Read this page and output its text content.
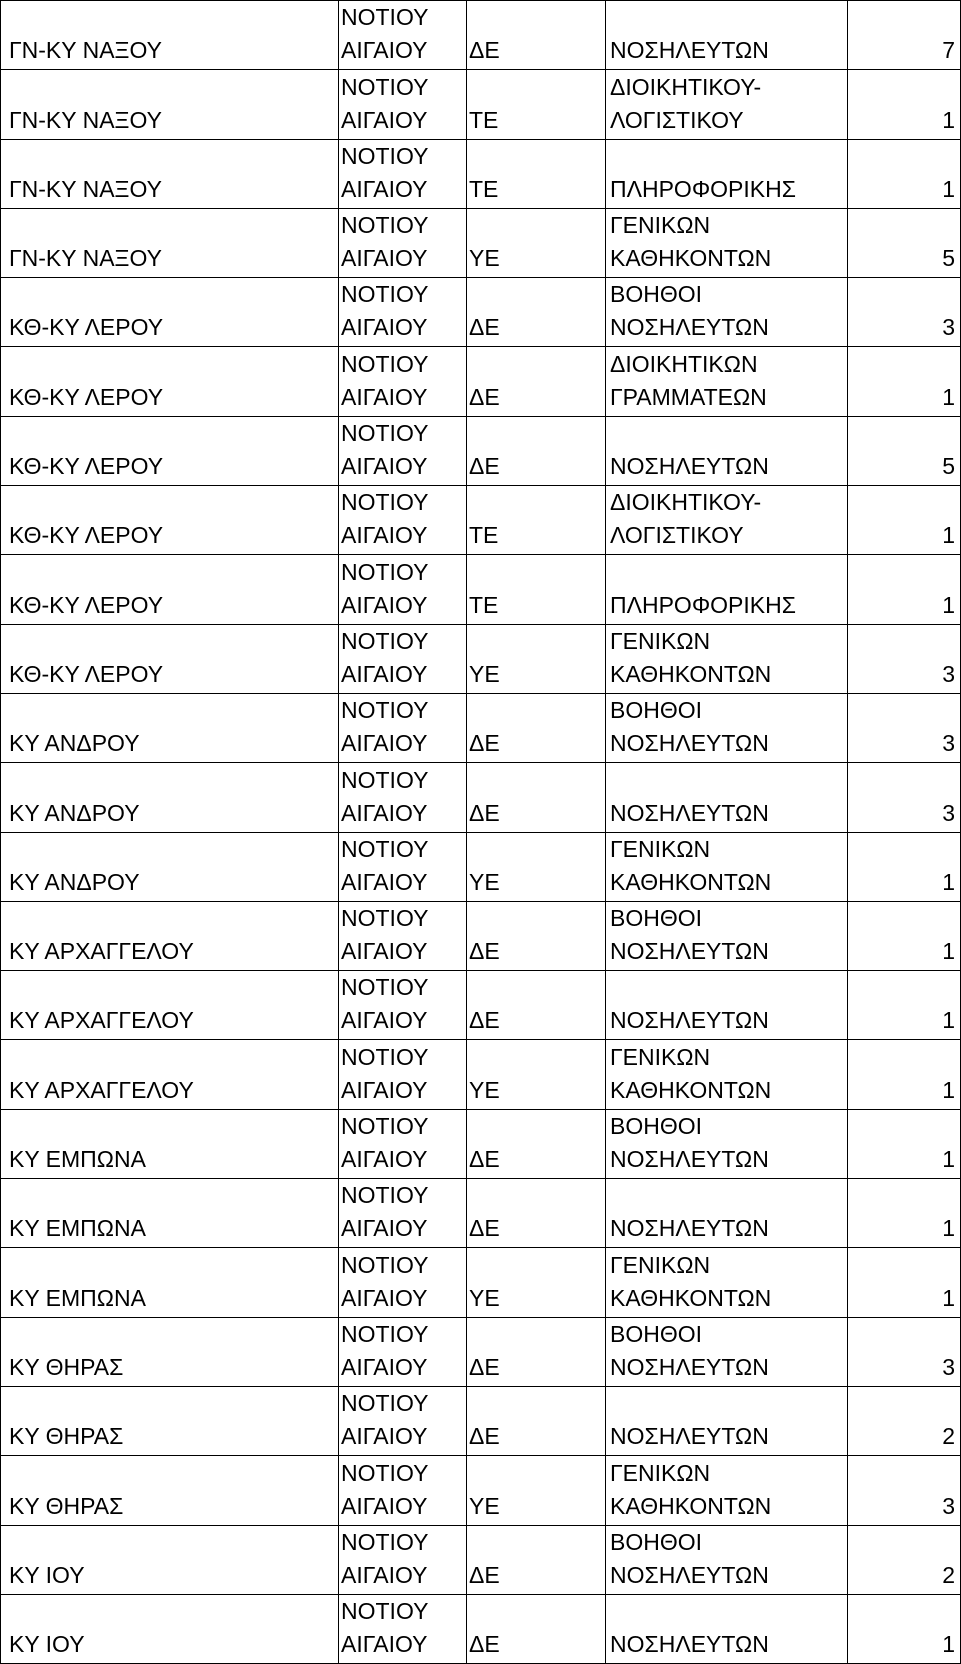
ΓΝ-ΚΥ ΝΑΞΟΥ	ΝΟΤΙΟΥ
ΑΙΓΑΙΟΥ	ΔΕ	ΝΟΣΗΛΕΥΤΩΝ	7
ΓΝ-ΚΥ ΝΑΞΟΥ	ΝΟΤΙΟΥ
ΑΙΓΑΙΟΥ	ΤΕ	ΔΙΟΙΚΗΤΙΚΟΥ-
ΛΟΓΙΣΤΙΚΟΥ	1
ΓΝ-ΚΥ ΝΑΞΟΥ	ΝΟΤΙΟΥ
ΑΙΓΑΙΟΥ	ΤΕ	ΠΛΗΡΟΦΟΡΙΚΗΣ	1
ΓΝ-ΚΥ ΝΑΞΟΥ	ΝΟΤΙΟΥ
ΑΙΓΑΙΟΥ	ΥΕ	ΓΕΝΙΚΩΝ
ΚΑΘΗΚΟΝΤΩΝ	5
ΚΘ-ΚΥ ΛΕΡΟΥ	ΝΟΤΙΟΥ
ΑΙΓΑΙΟΥ	ΔΕ	ΒΟΗΘΟΙ
ΝΟΣΗΛΕΥΤΩΝ	3
ΚΘ-ΚΥ ΛΕΡΟΥ	ΝΟΤΙΟΥ
ΑΙΓΑΙΟΥ	ΔΕ	ΔΙΟΙΚΗΤΙΚΩΝ
ΓΡΑΜΜΑΤΕΩΝ	1
ΚΘ-ΚΥ ΛΕΡΟΥ	ΝΟΤΙΟΥ
ΑΙΓΑΙΟΥ	ΔΕ	ΝΟΣΗΛΕΥΤΩΝ	5
ΚΘ-ΚΥ ΛΕΡΟΥ	ΝΟΤΙΟΥ
ΑΙΓΑΙΟΥ	ΤΕ	ΔΙΟΙΚΗΤΙΚΟΥ-
ΛΟΓΙΣΤΙΚΟΥ	1
ΚΘ-ΚΥ ΛΕΡΟΥ	ΝΟΤΙΟΥ
ΑΙΓΑΙΟΥ	ΤΕ	ΠΛΗΡΟΦΟΡΙΚΗΣ	1
ΚΘ-ΚΥ ΛΕΡΟΥ	ΝΟΤΙΟΥ
ΑΙΓΑΙΟΥ	ΥΕ	ΓΕΝΙΚΩΝ
ΚΑΘΗΚΟΝΤΩΝ	3
ΚΥ ΑΝΔΡΟΥ	ΝΟΤΙΟΥ
ΑΙΓΑΙΟΥ	ΔΕ	ΒΟΗΘΟΙ
ΝΟΣΗΛΕΥΤΩΝ	3
ΚΥ ΑΝΔΡΟΥ	ΝΟΤΙΟΥ
ΑΙΓΑΙΟΥ	ΔΕ	ΝΟΣΗΛΕΥΤΩΝ	3
ΚΥ ΑΝΔΡΟΥ	ΝΟΤΙΟΥ
ΑΙΓΑΙΟΥ	ΥΕ	ΓΕΝΙΚΩΝ
ΚΑΘΗΚΟΝΤΩΝ	1
ΚΥ ΑΡΧΑΓΓΕΛΟΥ	ΝΟΤΙΟΥ
ΑΙΓΑΙΟΥ	ΔΕ	ΒΟΗΘΟΙ
ΝΟΣΗΛΕΥΤΩΝ	1
ΚΥ ΑΡΧΑΓΓΕΛΟΥ	ΝΟΤΙΟΥ
ΑΙΓΑΙΟΥ	ΔΕ	ΝΟΣΗΛΕΥΤΩΝ	1
ΚΥ ΑΡΧΑΓΓΕΛΟΥ	ΝΟΤΙΟΥ
ΑΙΓΑΙΟΥ	ΥΕ	ΓΕΝΙΚΩΝ
ΚΑΘΗΚΟΝΤΩΝ	1
ΚΥ ΕΜΠΩΝΑ	ΝΟΤΙΟΥ
ΑΙΓΑΙΟΥ	ΔΕ	ΒΟΗΘΟΙ
ΝΟΣΗΛΕΥΤΩΝ	1
ΚΥ ΕΜΠΩΝΑ	ΝΟΤΙΟΥ
ΑΙΓΑΙΟΥ	ΔΕ	ΝΟΣΗΛΕΥΤΩΝ	1
ΚΥ ΕΜΠΩΝΑ	ΝΟΤΙΟΥ
ΑΙΓΑΙΟΥ	ΥΕ	ΓΕΝΙΚΩΝ
ΚΑΘΗΚΟΝΤΩΝ	1
ΚΥ ΘΗΡΑΣ	ΝΟΤΙΟΥ
ΑΙΓΑΙΟΥ	ΔΕ	ΒΟΗΘΟΙ
ΝΟΣΗΛΕΥΤΩΝ	3
ΚΥ ΘΗΡΑΣ	ΝΟΤΙΟΥ
ΑΙΓΑΙΟΥ	ΔΕ	ΝΟΣΗΛΕΥΤΩΝ	2
ΚΥ ΘΗΡΑΣ	ΝΟΤΙΟΥ
ΑΙΓΑΙΟΥ	ΥΕ	ΓΕΝΙΚΩΝ
ΚΑΘΗΚΟΝΤΩΝ	3
ΚΥ ΙΟΥ	ΝΟΤΙΟΥ
ΑΙΓΑΙΟΥ	ΔΕ	ΒΟΗΘΟΙ
ΝΟΣΗΛΕΥΤΩΝ	2
ΚΥ ΙΟΥ	ΝΟΤΙΟΥ
ΑΙΓΑΙΟΥ	ΔΕ	ΝΟΣΗΛΕΥΤΩΝ	1
